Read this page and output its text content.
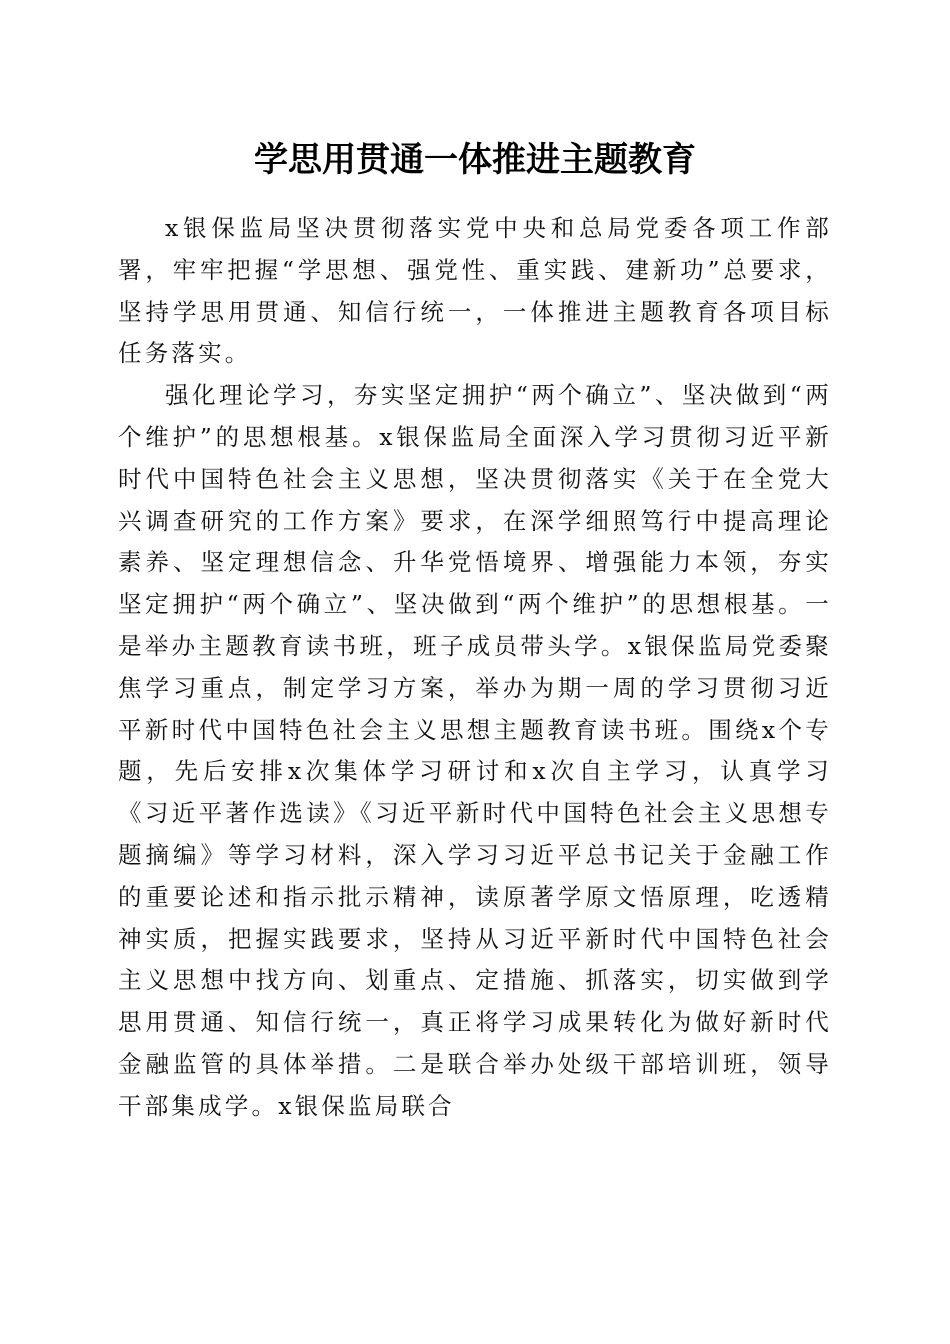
学思用贯通一体推进主题教育

x银保监局坚决贯彻落实党中央和总局党委各项工作部署，牢牢把握“学思想、强党性、重实践、建新功”总要求，坚持学思用贯通、知信行统一，一体推进主题教育各项目标任务落实。

强化理论学习，夯实坚定拥护“两个确立”、坚决做到“两个维护”的思想根基。x银保监局全面深入学习贯彻习近平新时代中国特色社会主义思想，坚决贯彻落实《关于在全党大兴调查研究的工作方案》要求，在深学细照笃行中提高理论素养、坚定理想信念、升华党悟境界、增强能力本领，夯实坚定拥护“两个确立”、坚决做到“两个维护”的思想根基。一是举办主题教育读书班，班子成员带头学。x银保监局党委聚焦学习重点，制定学习方案，举办为期一周的学习贯彻习近平新时代中国特色社会主义思想主题教育读书班。围绕x个专题，先后安排x次集体学习研讨和x次自主学习，认真学习《习近平著作选读》《习近平新时代中国特色社会主义思想专题摘编》等学习材料，深入学习习近平总书记关于金融工作的重要论述和指示批示精神，读原著学原文悟原理，吃透精神实质，把握实践要求，坚持从习近平新时代中国特色社会主义思想中找方向、划重点、定措施、抓落实，切实做到学思用贯通、知信行统一，真正将学习成果转化为做好新时代金融监管的具体举措。二是联合举办处级干部培训班，领导干部集成学。x银保监局联合
